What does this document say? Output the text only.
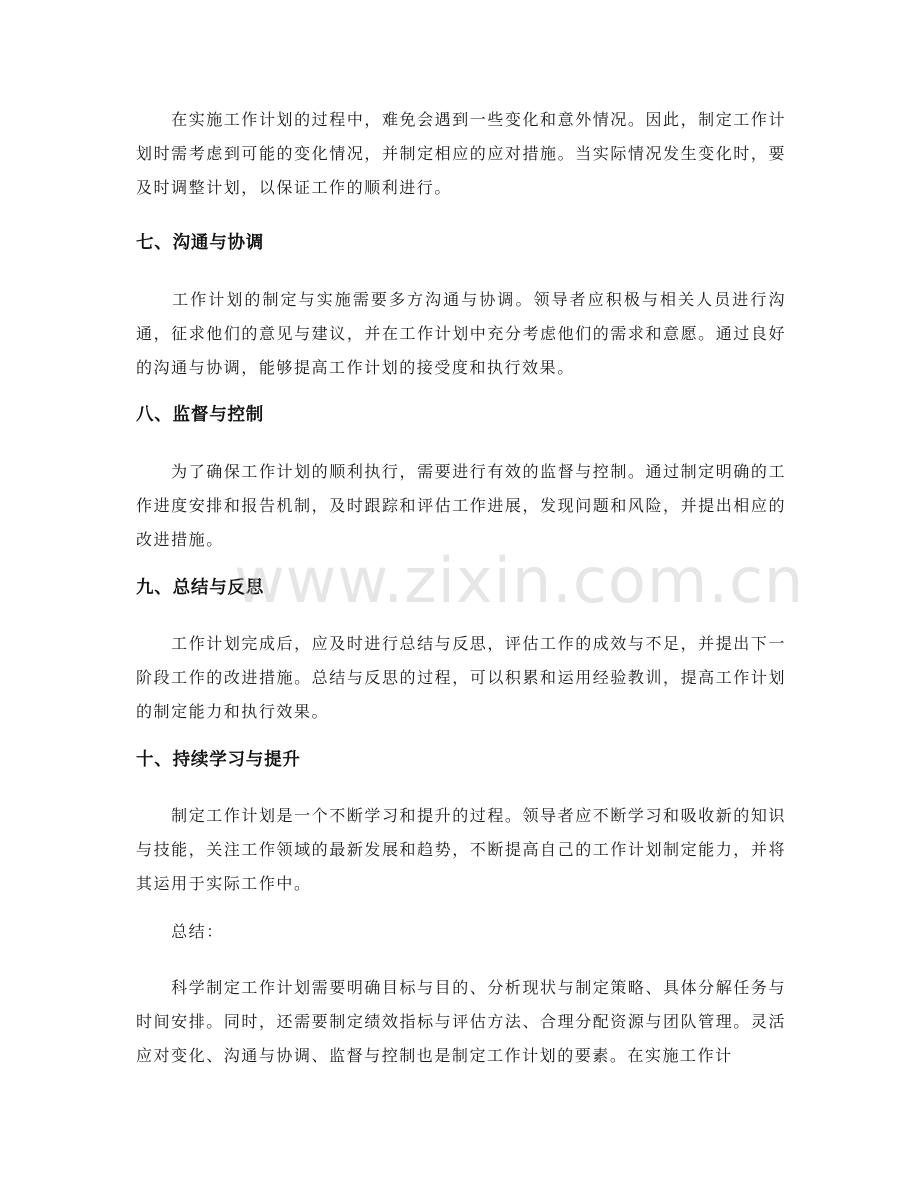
　　在实施工作计划的过程中，难免会遇到一些变化和意外情况。因此，制定工作计划时需考虑到可能的变化情况，并制定相应的应对措施。当实际情况发生变化时，要及时调整计划，以保证工作的顺利进行。

七、沟通与协调

　　工作计划的制定与实施需要多方沟通与协调。领导者应积极与相关人员进行沟通，征求他们的意见与建议，并在工作计划中充分考虑他们的需求和意愿。通过良好的沟通与协调，能够提高工作计划的接受度和执行效果。

八、监督与控制

　　为了确保工作计划的顺利执行，需要进行有效的监督与控制。通过制定明确的工作进度安排和报告机制，及时跟踪和评估工作进展，发现问题和风险，并提出相应的改进措施。

九、总结与反思

　　工作计划完成后，应及时进行总结与反思，评估工作的成效与不足，并提出下一阶段工作的改进措施。总结与反思的过程，可以积累和运用经验教训，提高工作计划的制定能力和执行效果。

十、持续学习与提升

　　制定工作计划是一个不断学习和提升的过程。领导者应不断学习和吸收新的知识与技能，关注工作领域的最新发展和趋势，不断提高自己的工作计划制定能力，并将其运用于实际工作中。

　　总结：

　　科学制定工作计划需要明确目标与目的、分析现状与制定策略、具体分解任务与时间安排。同时，还需要制定绩效指标与评估方法、合理分配资源与团队管理。灵活应对变化、沟通与协调、监督与控制也是制定工作计划的要素。在实施工作计

www.zixin.com.cn
